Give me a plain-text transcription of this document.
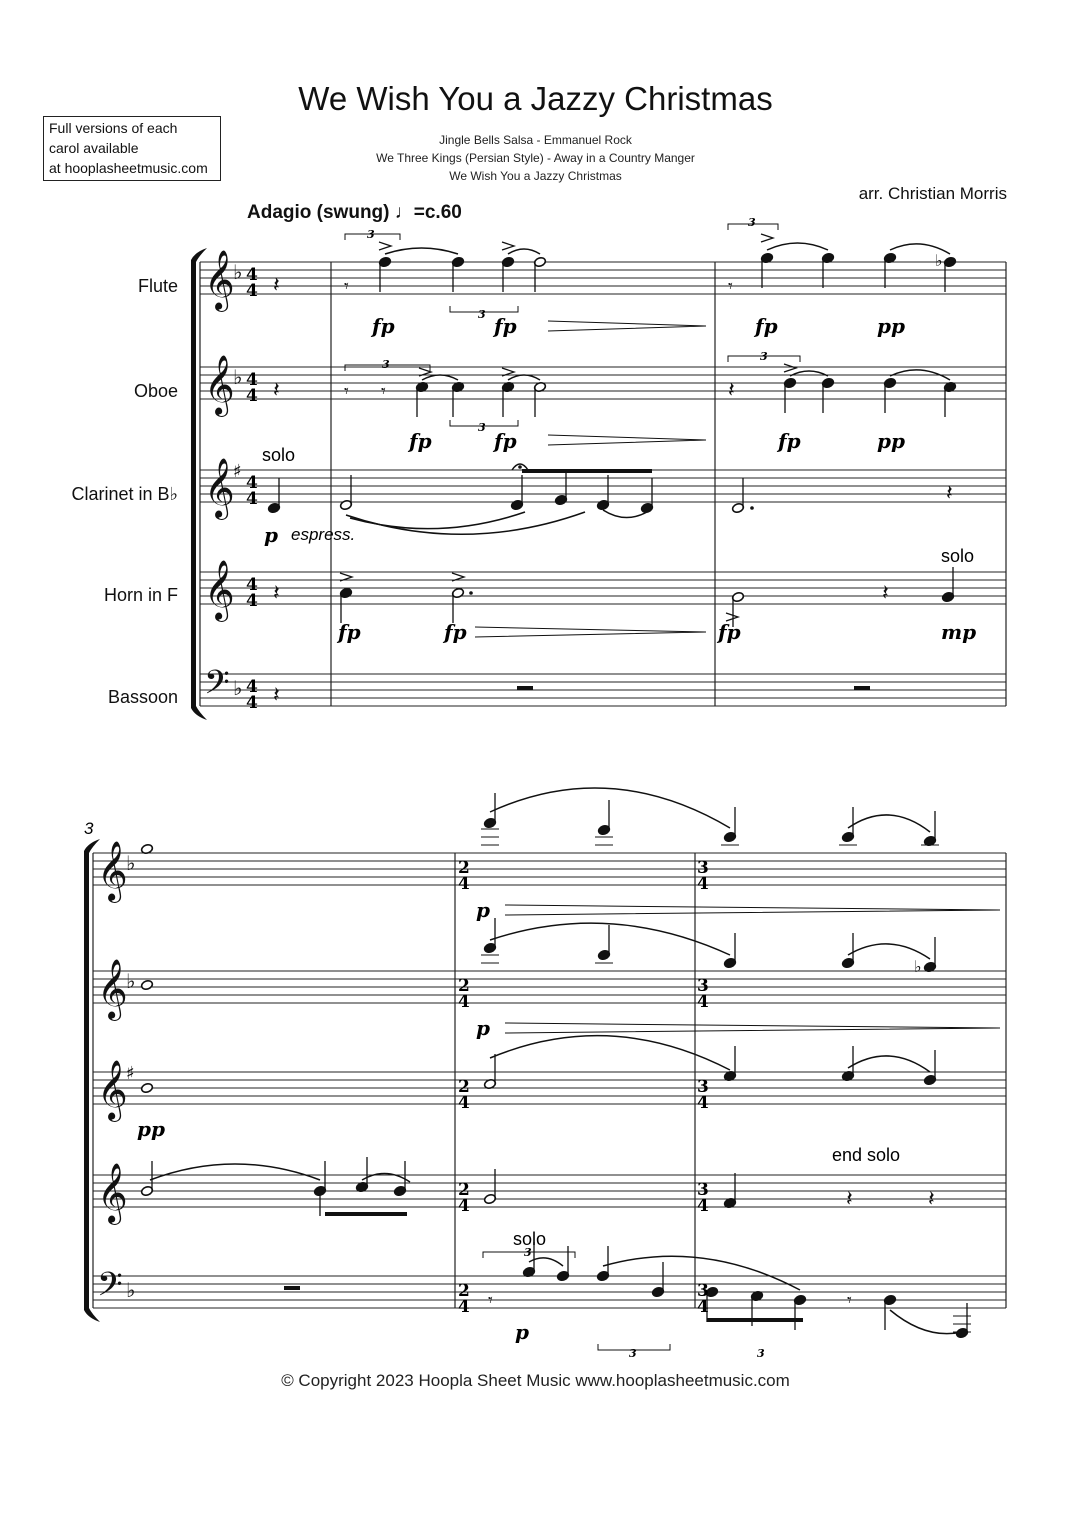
We Wish You a Jazzy Christmas
Jingle Bells Salsa - Emmanuel Rock
We Three Kings (Persian Style) - Away in a Country Manger
We Wish You a Jazzy Christmas
Full versions of each
carol available
at hooplasheetmusic.com
arr. Christian Morris
Adagio (swung) ♩=c.60
Flute
Oboe
Clarinet in B♭
Horn in F
Bassoon
𝄞
♭
𝄞
♭
𝄞
♯
𝄞
𝄢 ♭
𝄞
♭
𝄞
♭
𝄞
♯
𝄞
𝄢 ♭
𝄽	𝄾	𝄾
𝄽	𝄾 𝄾	𝄽
𝄽
𝄽	𝄽
𝄽
𝄽	𝄽
𝄾	𝄾
♭
♭
4
4
4
4
4
4
4
4
4
4
2
4
3
4
2
4
3
4
2
4
3
4
2
4
3
4
2
4
3
4
3
fp	fp	fp	pp
fp	fp	fp	pp
p
fp	fp	fp	mp
p
p
pp
p
solo
espress.
solo
end solo
solo
3
3
3
3
3
3
3
3	3
© Copyright 2023 Hoopla Sheet Music www.hooplasheetmusic.com
